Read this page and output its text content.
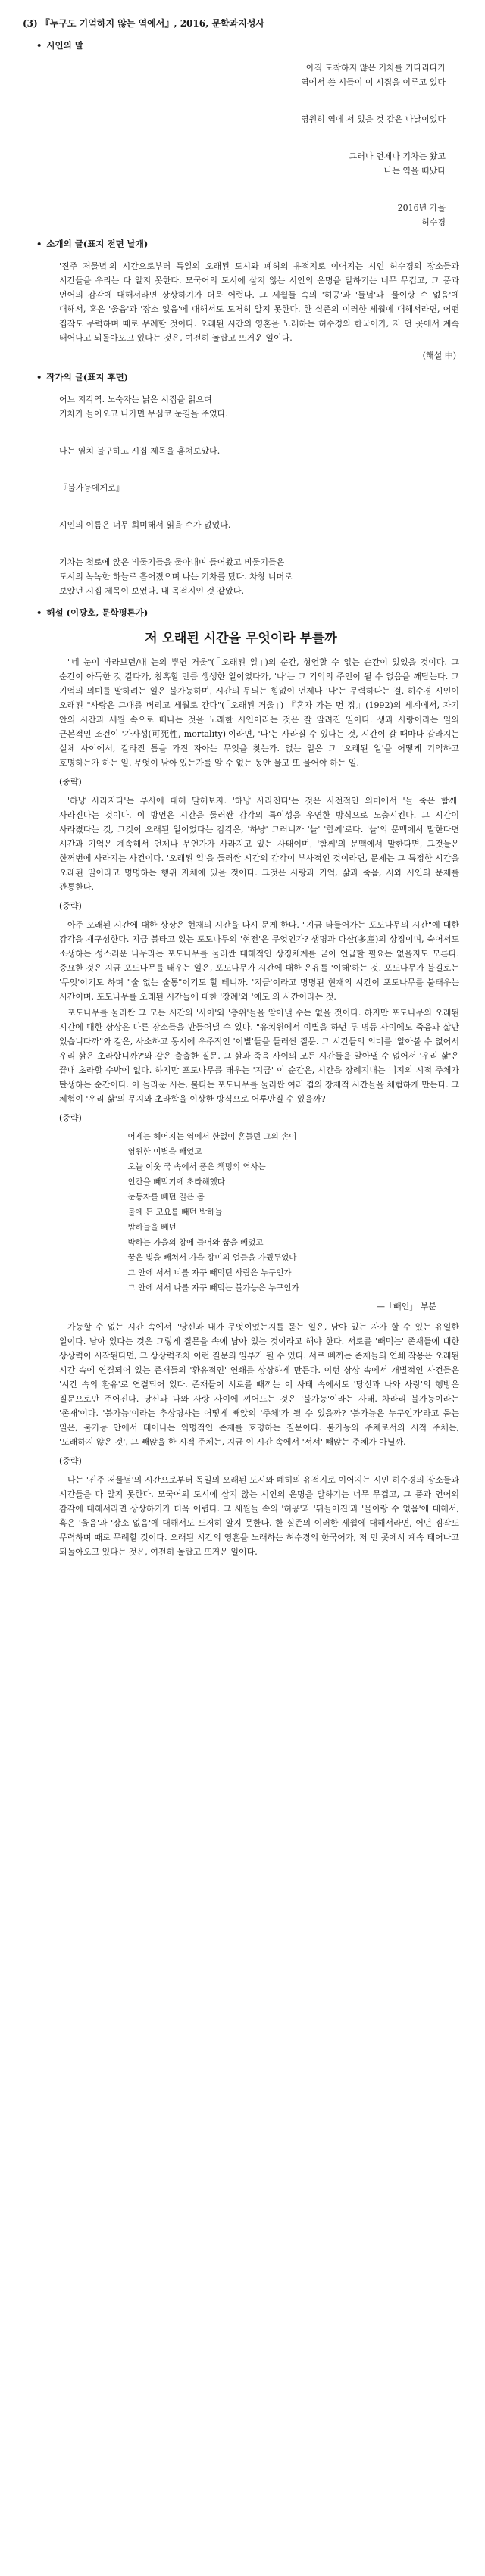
(3) 『누구도 기억하지 않는 역에서』, 2016, 문학과지성사
• 시인의 말

아직 도착하지 않은 기차를 기다리다가

역에서 쓴 시들이 이 시집을 이루고 있다

영원히 역에 서 있을 것 같은 나날이었다

그러나 언제나 기차는 왔고

나는 역을 떠났다

2016년 가을

허수경

• 소개의 글(표지 전면 날개)

'진주 저물녘'의 시간으로부터 독일의 오래된 도시와 폐허의 유적지로 이어지는 시인 허수경의 장소들과 시간들을 우리는 다 알지 못한다. 모국어의 도시에 살지 않는 시인의 운명을 말하기는 너무 무겁고, 그 품과 언어의 감각에 대해서라면 상상하기가 더욱 어렵다. 그 세월들 속의 '허공'과 '들녘'과 '물이랑 수 없음'에 대해서, 혹은 '울음'과 '장소 없음'에 대해서도 도저히 알지 못한다. 한 실존의 이러한 세월에 대해서라면, 어떤 집작도 무력하며 때로 무례할 것이다. 오래된 시간의 영혼을 노래하는 허수경의 한국어가, 저 먼 곳에서 계속 태어나고 되돌아오고 있다는 것은, 여전히 놀랍고 뜨거운 일이다.

(해설 中)
• 작가의 글(표지 후면)

어느 지각역. 노숙자는 낡은 시집을 읽으며

기차가 들어오고 나가면 무심코 눈길을 주었다.

나는 염치 불구하고 시집 제목을 홈쳐보았다.

『불가능에게로』

시인의 이름은 너무 희미해서 읽을 수가 없었다.

기차는 철로에 앉은 비둘기들을 물아내며 들어왔고 비둘기들은

도시의 녹녹한 하늘로 흩어졌으며 나는 기차를 탔다. 차창 너머로

보았던 시집 제목이 보였다. 내 목적지인 것 같았다.

• 해설 (이광호, 문학평론가)
저 오래된 시간을 무엇이라 부를까

"네 눈이 바라보던/내 눈의 뿌연 거울"(「오래된 일」)의 순간, 형언할 수 없는 순간이 있었을 것이다. 그 순간이 아득한 것 같다가, 참혹할 만큼 생생한 일이었다가, '나'는 그 기억의 주인이 될 수 없음을 깨닫는다. 그 기억의 의미를 말하려는 일은 불가능하며, 시간의 무늬는 힘없이 언제나 '나'는 무력하다는 걸. 허수경 시인이 오래된 "사랑은 그대를 버리고 세월로 간다"(「오래된 거울」) 『혼자 가는 먼 집』(1992)의 세계에서, 자기 안의 시간과 세월 속으로 떠나는 것을 노래한 시인이라는 것은 잘 알려진 일이다. 생과 사랑이라는 일의 근본적인 조건이 '가사성(可死性, mortality)'이라면, '나'는 사라질 수 있다는 것, 시간이 갈 때마다 갈라지는 실체 사이에서, 갈라진 틈을 가진 자아는 무엇을 찾는가. 없는 일은 그 '오래된 일'을 어떻게 기억하고 호명하는가 하는 일. 무엇이 남아 있는가를 알 수 없는 동안 물고 또 물어야 하는 일.

(중략)

'하냥 사라지다'는 부사에 대해 말해보자. '하냥 사라진다'는 것은 사전적인 의미에서 '늘 죽은 함께' 사라진다는 것이다. 이 방언은 시간을 둘러싼 감각의 특이성을 우연한 방식으로 노출시킨다. 그 시간이 사라졌다는 것, 그것이 오래된 일이었다는 감각은, '하냥' 그러니까 '늘' '함께'로다. '늘'의 문맥에서 말한다면 시간과 기억은 계속해서 언제나 무언가가 사라지고 있는 사태이며, '함께'의 문맥에서 말한다면, 그것들은 한꺼번에 사라지는 사건이다. '오래된 일'을 둘러싼 시간의 감각이 부사적인 것이라면, 문제는 그 특정한 시간을 오래된 일이라고 명명하는 행위 자체에 있을 것이다. 그것은 사랑과 기억, 삶과 죽음, 시와 시인의 문제를 관통한다.

(중략)

아주 오래된 시간에 대한 상상은 현재의 시간을 다시 문게 한다. "지금 타들어가는 포도나무의 시간"에 대한 감각을 재구성한다. 지금 불타고 있는 포도나무의 '현전'은 무엇인가? 생명과 다산(多産)의 상징이며, 숙어서도 소생하는 성스러운 나무라는 포도나무를 둘러싼 대해적인 상징체계를 굳이 언급할 필요는 없을지도 모른다. 중요한 것은 지금 포도나무를 태우는 일은, 포도나무가 시간에 대한 은유를 '이해'하는 것. 포도나무가 불길로는 '무엇'이기도 하며 "술 없는 술통"이기도 할 테니까. '지금'이라고 명명된 현재의 시간이 포도나무를 불태우는 시간이며, 포도나무를 오래된 시간들에 대한 '장례'와 '애도'의 시간이라는 것.

포도나무를 둘러싼 그 모든 시간의 '사이'와 '층위'들을 알아낼 수는 없을 것이다. 하지만 포도나무의 오래된 시간에 대한 상상은 다른 장소들을 만들어낼 수 있다. "유치원에서 이별을 하던 두 명등 사이에도 죽음과 삶만 있습니다까"와 같은, 사소하고 동시에 우주적인 '이별'들을 둘러싼 질문. 그 시간들의 의미를 '알아볼 수 없어서 우리 삶은 초라합니까?'와 같은 출출한 질문. 그 삶과 죽음 사이의 모든 시간들을 알아낼 수 없어서 '우리 삶'은 끝내 초라할 수밖에 없다. 하지만 포도나무를 태우는 '지금' 이 순간은, 시간을 장례지내는 미지의 시적 주체가 탄생하는 순간이다. 이 놀라운 시는, 불타는 포도나무를 둘러싼 여러 겹의 장재적 시간들을 체험하게 만든다. 그 체험이 '우리 삶'의 무지와 초라함을 이상한 방식으로 어루만질 수 있을까?

(중략)

어제는 헤어지는 역에서 한없이 흔들던 그의 손이

영원한 이별을 빼었고

오늘 이웃 국 속에서 품은 책멍의 역사는

인간을 빼먹기에 초라해했다

눈동자를 빼던 길은 몸

물에 든 고요를 빼던 밤하늘

밤하늘을 빼던

박하는 가을의 창에 들어와 꿈을 빼었고

꿈은 빛을 빼쳐서 가을 장미의 얼들을 가뒀두었다

그 안에 서서 너를 자꾸 빼먹던 사람은 누구인가

그 안에 서서 나를 자꾸 빼먹는 불가능은 누구인가

—「빼인」 부분

가능할 수 없는 시간 속에서 "당신과 내가 무엇이었는지를 묻는 일은, 남아 있는 자가 할 수 있는 유일한 일이다. 남아 있다는 것은 그렇게 질문을 속에 남아 있는 것이라고 해야 한다. 서로를 '빼먹는' 존재들에 대한 상상력이 시작된다면, 그 상상력조차 이런 질문의 일부가 될 수 있다. 서로 빼끼는 존재들의 연쇄 작용은 오래된 시간 속에 연결되어 있는 존재들의 '환유적인' 연쇄를 상상하게 만든다. 이런 상상 속에서 개별적인 사건들은 '시간 속의 환유'로 연결되어 있다. 존재들이 서로를 빼끼는 이 사태 속에서도 '당신과 나와 사랑'의 행방은 질문으로만 주어진다. 당신과 나와 사랑 사이에 끼어드는 것은 '불가능'이라는 사태. 차라리 불가능이라는 '존재'이다. '불가능'이라는 추상명사는 어떻게 빼앉의 '주체'가 될 수 있을까? '불가능은 누구인가'라고 묻는 일은, 불가능 안에서 태어나는 익명적인 존재를 호명하는 질문이다. 불가능의 주체로서의 시적 주체는, '도래하지 않은 것', 그 빼앉을 한 시적 주체는, 지금 이 시간 속에서 '서서' 빼앉는 주체가 아닐까.

(중략)

나는 '진주 저물녘'의 시간으로부터 독일의 오래된 도시와 폐허의 유적지로 이어지는 시인 허수경의 장소들과 시간들을 다 알지 못한다. 모국어의 도시에 살지 않는 시인의 운명을 말하기는 너무 무겁고, 그 품과 언어의 감각에 대해서라면 상상하기가 더욱 어렵다. 그 세월들 속의 '허공'과 '뒤들어진'과 '물이랑 수 없음'에 대해서, 혹은 '울음'과 '장소 없음'에 대해서도 도저히 알지 못한다. 한 실존의 이러한 세월에 대해서라면, 어떤 짐작도 무력하며 때로 무례할 것이다. 오래된 시간의 영혼을 노래하는 허수경의 한국어가, 저 먼 곳에서 계속 태어나고 되돌아오고 있다는 것은, 여전히 놀랍고 뜨거운 일이다.
